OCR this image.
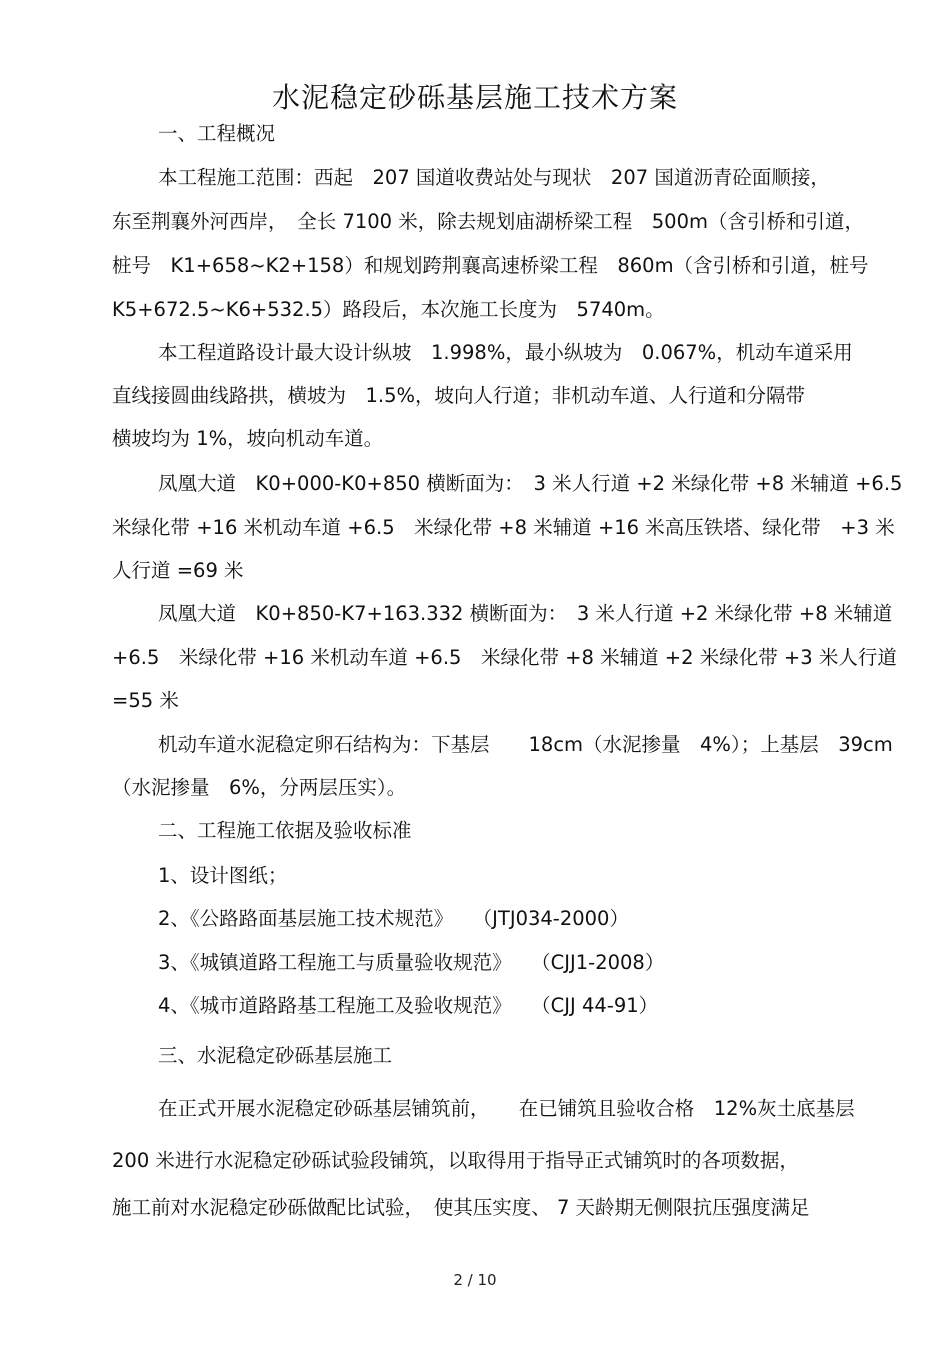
水泥稳定砂砾基层施工技术方案
一、工程概况
本工程施工范围：西起　207 国道收费站处与现状　207 国道沥青砼面顺接，
东至荆襄外河西岸，　全长 7100 米，除去规划庙湖桥梁工程　500m（含引桥和引道，
桩号　K1+658~K2+158）和规划跨荆襄高速桥梁工程　860m（含引桥和引道，桩号
K5+672.5~K6+532.5）路段后，本次施工长度为　5740m。
本工程道路设计最大设计纵坡　1.998%，最小纵坡为　0.067%，机动车道采用
直线接圆曲线路拱，横坡为　1.5%，坡向人行道；非机动车道、人行道和分隔带
横坡均为 1%，坡向机动车道。
凤凰大道　K0+000-K0+850 横断面为：　3 米人行道 +2 米绿化带 +8 米辅道 +6.5
米绿化带 +16 米机动车道 +6.5　米绿化带 +8 米辅道 +16 米高压铁塔、绿化带　+3 米
人行道 =69 米
凤凰大道　K0+850-K7+163.332 横断面为：　3 米人行道 +2 米绿化带 +8 米辅道
+6.5　米绿化带 +16 米机动车道 +6.5　米绿化带 +8 米辅道 +2 米绿化带 +3 米人行道
=55 米
机动车道水泥稳定卵石结构为：下基层　　18cm（水泥掺量　4%）；上基层　39cm
（水泥掺量　6%，分两层压实）。
二、工程施工依据及验收标准
1、设计图纸；
2、《公路路面基层施工技术规范》　　（JTJ034-2000）
3、《城镇道路工程施工与质量验收规范》　　（CJJ1-2008）
4、《城市道路路基工程施工及验收规范》　　（CJJ 44-91）
三、水泥稳定砂砾基层施工
在正式开展水泥稳定砂砾基层铺筑前，　　在已铺筑且验收合格　12%灰土底基层
200 米进行水泥稳定砂砾试验段铺筑，以取得用于指导正式铺筑时的各项数据，
施工前对水泥稳定砂砾做配比试验，　使其压实度、 7 天龄期无侧限抗压强度满足
2 / 10
